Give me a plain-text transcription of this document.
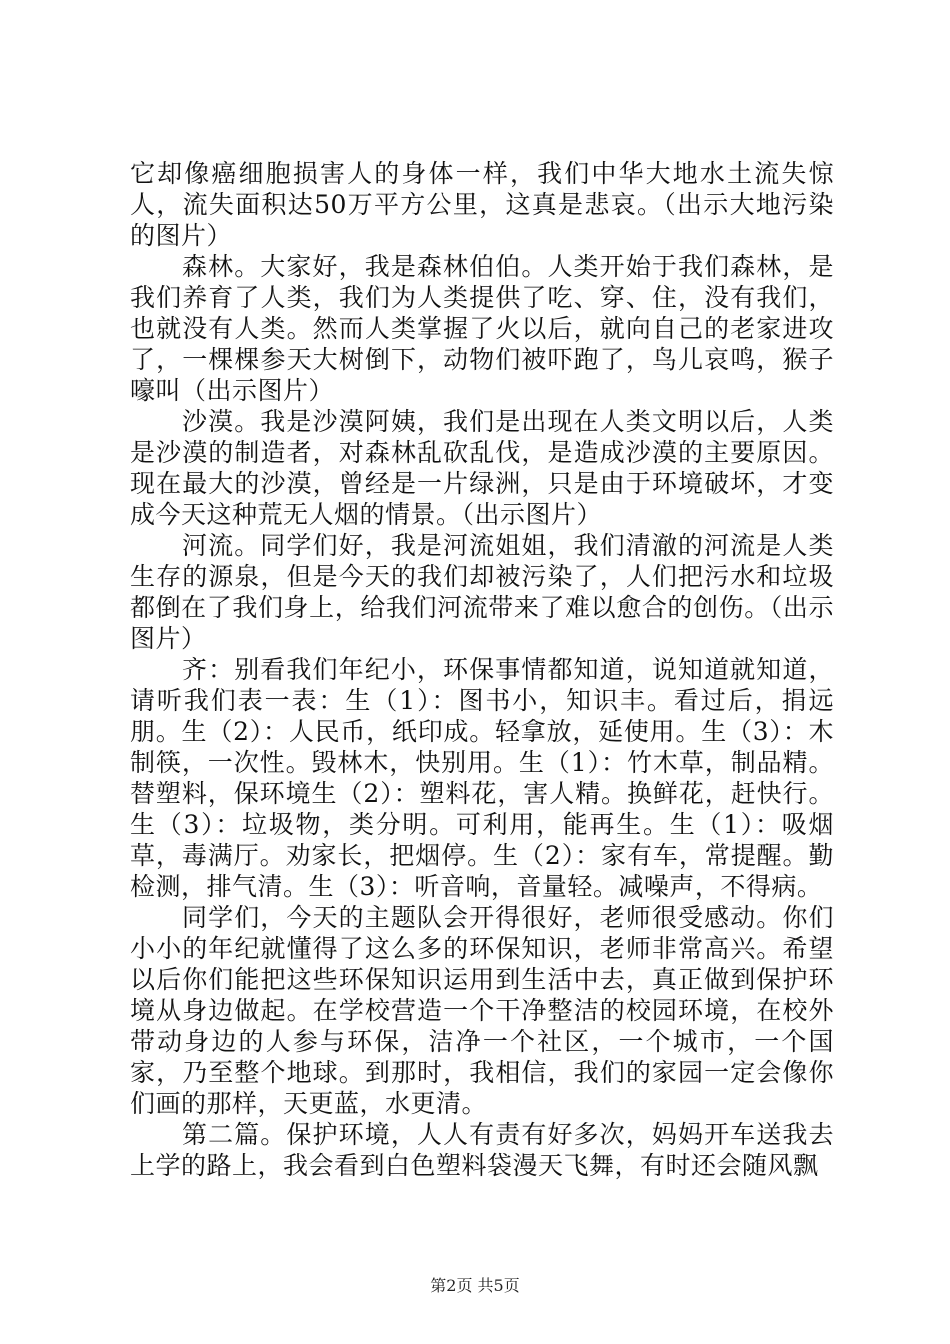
它却像癌细胞损害人的身体一样，我们中华大地水土流失惊人，流失面积达50万平方公里，这真是悲哀。（出示大地污染的图片）

森林。大家好，我是森林伯伯。人类开始于我们森林，是我们养育了人类，我们为人类提供了吃、穿、住，没有我们，也就没有人类。然而人类掌握了火以后，就向自己的老家进攻了，一棵棵参天大树倒下，动物们被吓跑了，鸟儿哀鸣，猴子嚎叫（出示图片）

沙漠。我是沙漠阿姨，我们是出现在人类文明以后，人类是沙漠的制造者，对森林乱砍乱伐，是造成沙漠的主要原因。现在最大的沙漠，曾经是一片绿洲，只是由于环境破坏，才变成今天这种荒无人烟的情景。（出示图片）

河流。同学们好，我是河流姐姐，我们清澈的河流是人类生存的源泉，但是今天的我们却被污染了，人们把污水和垃圾都倒在了我们身上，给我们河流带来了难以愈合的创伤。（出示图片）

齐：别看我们年纪小，环保事情都知道，说知道就知道，请听我们表一表：生（1）：图书小，知识丰。看过后，捐远朋。生（2）：人民币，纸印成。轻拿放，延使用。生（3）：木制筷，一次性。毁林木，快别用。生（1）：竹木草，制品精。替塑料，保环境生（2）：塑料花，害人精。换鲜花，赶快行。生（3）：垃圾物，类分明。可利用，能再生。生（1）：吸烟草，毒满厅。劝家长，把烟停。生（2）：家有车，常提醒。勤检测，排气清。生（3）：听音响，音量轻。减噪声，不得病。

同学们，今天的主题队会开得很好，老师很受感动。你们小小的年纪就懂得了这么多的环保知识，老师非常高兴。希望以后你们能把这些环保知识运用到生活中去，真正做到保护环境从身边做起。在学校营造一个干净整洁的校园环境，在校外带动身边的人参与环保，洁净一个社区，一个城市，一个国家，乃至整个地球。到那时，我相信，我们的家园一定会像你们画的那样，天更蓝，水更清。

第二篇。保护环境，人人有责有好多次，妈妈开车送我去上学的路上，我会看到白色塑料袋漫天飞舞，有时还会随风飘

第2页 共5页
